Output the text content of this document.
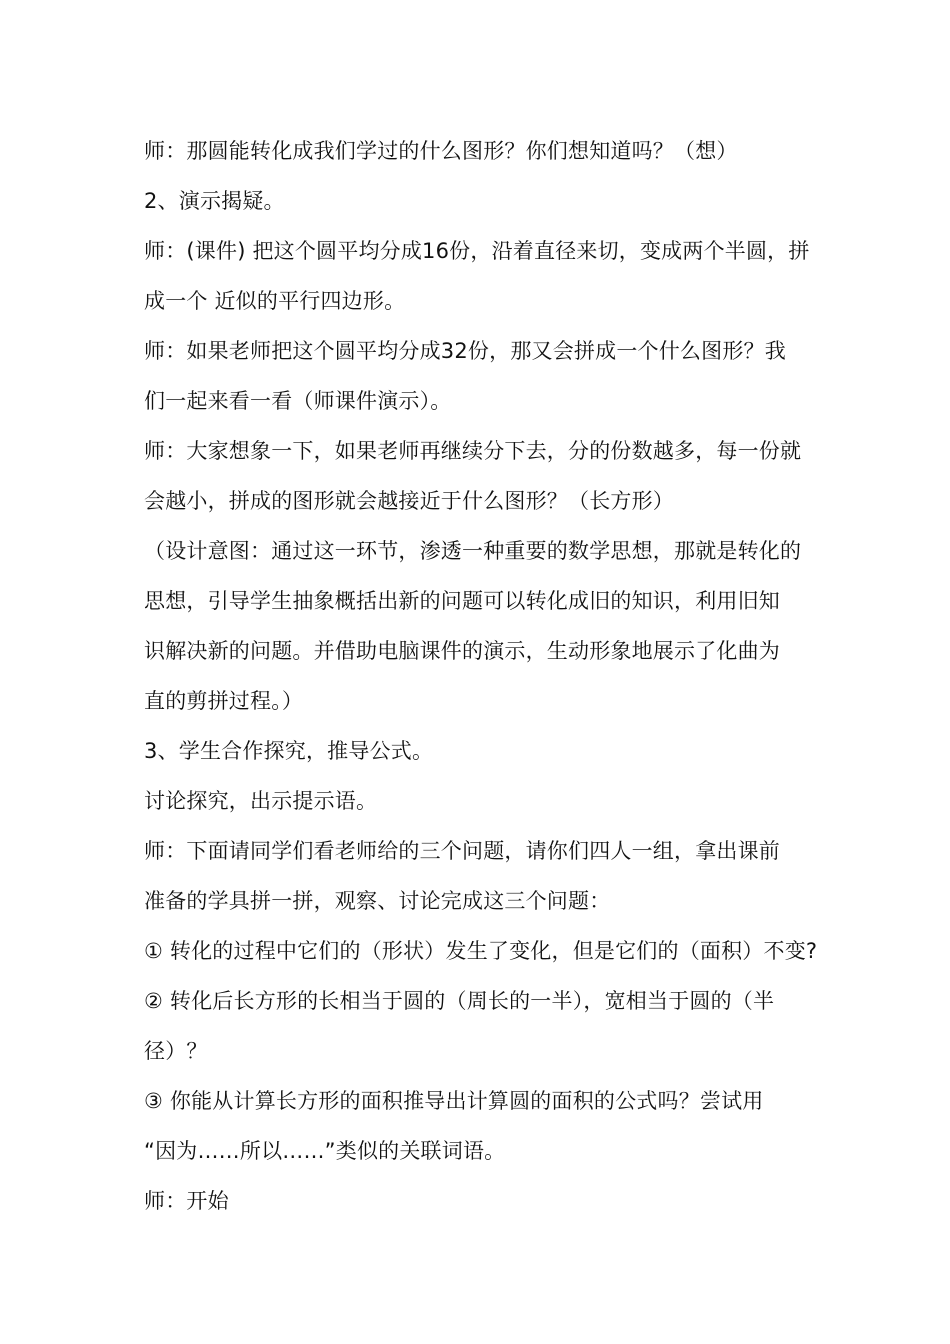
师：那圆能转化成我们学过的什么图形？你们想知道吗？（想）
2、演示揭疑。
师：(课件) 把这个圆平均分成16份，沿着直径来切，变成两个半圆，拼
成一个 近似的平行四边形。
师：如果老师把这个圆平均分成32份，那又会拼成一个什么图形？我
们一起来看一看（师课件演示）。
师：大家想象一下，如果老师再继续分下去，分的份数越多，每一份就
会越小，拼成的图形就会越接近于什么图形？（长方形）
（设计意图：通过这一环节，渗透一种重要的数学思想，那就是转化的
思想，引导学生抽象概括出新的问题可以转化成旧的知识，利用旧知
识解决新的问题。并借助电脑课件的演示，生动形象地展示了化曲为
直的剪拼过程。）
3、学生合作探究，推导公式。
讨论探究，出示提示语。
师：下面请同学们看老师给的三个问题，请你们四人一组，拿出课前
准备的学具拼一拼，观察、讨论完成这三个问题：
① 转化的过程中它们的（形状）发生了变化，但是它们的（面积）不变?
② 转化后长方形的长相当于圆的（周长的一半），宽相当于圆的（半
径）？
③ 你能从计算长方形的面积推导出计算圆的面积的公式吗？尝试用
“因为……所以……”类似的关联词语。
师：开始
